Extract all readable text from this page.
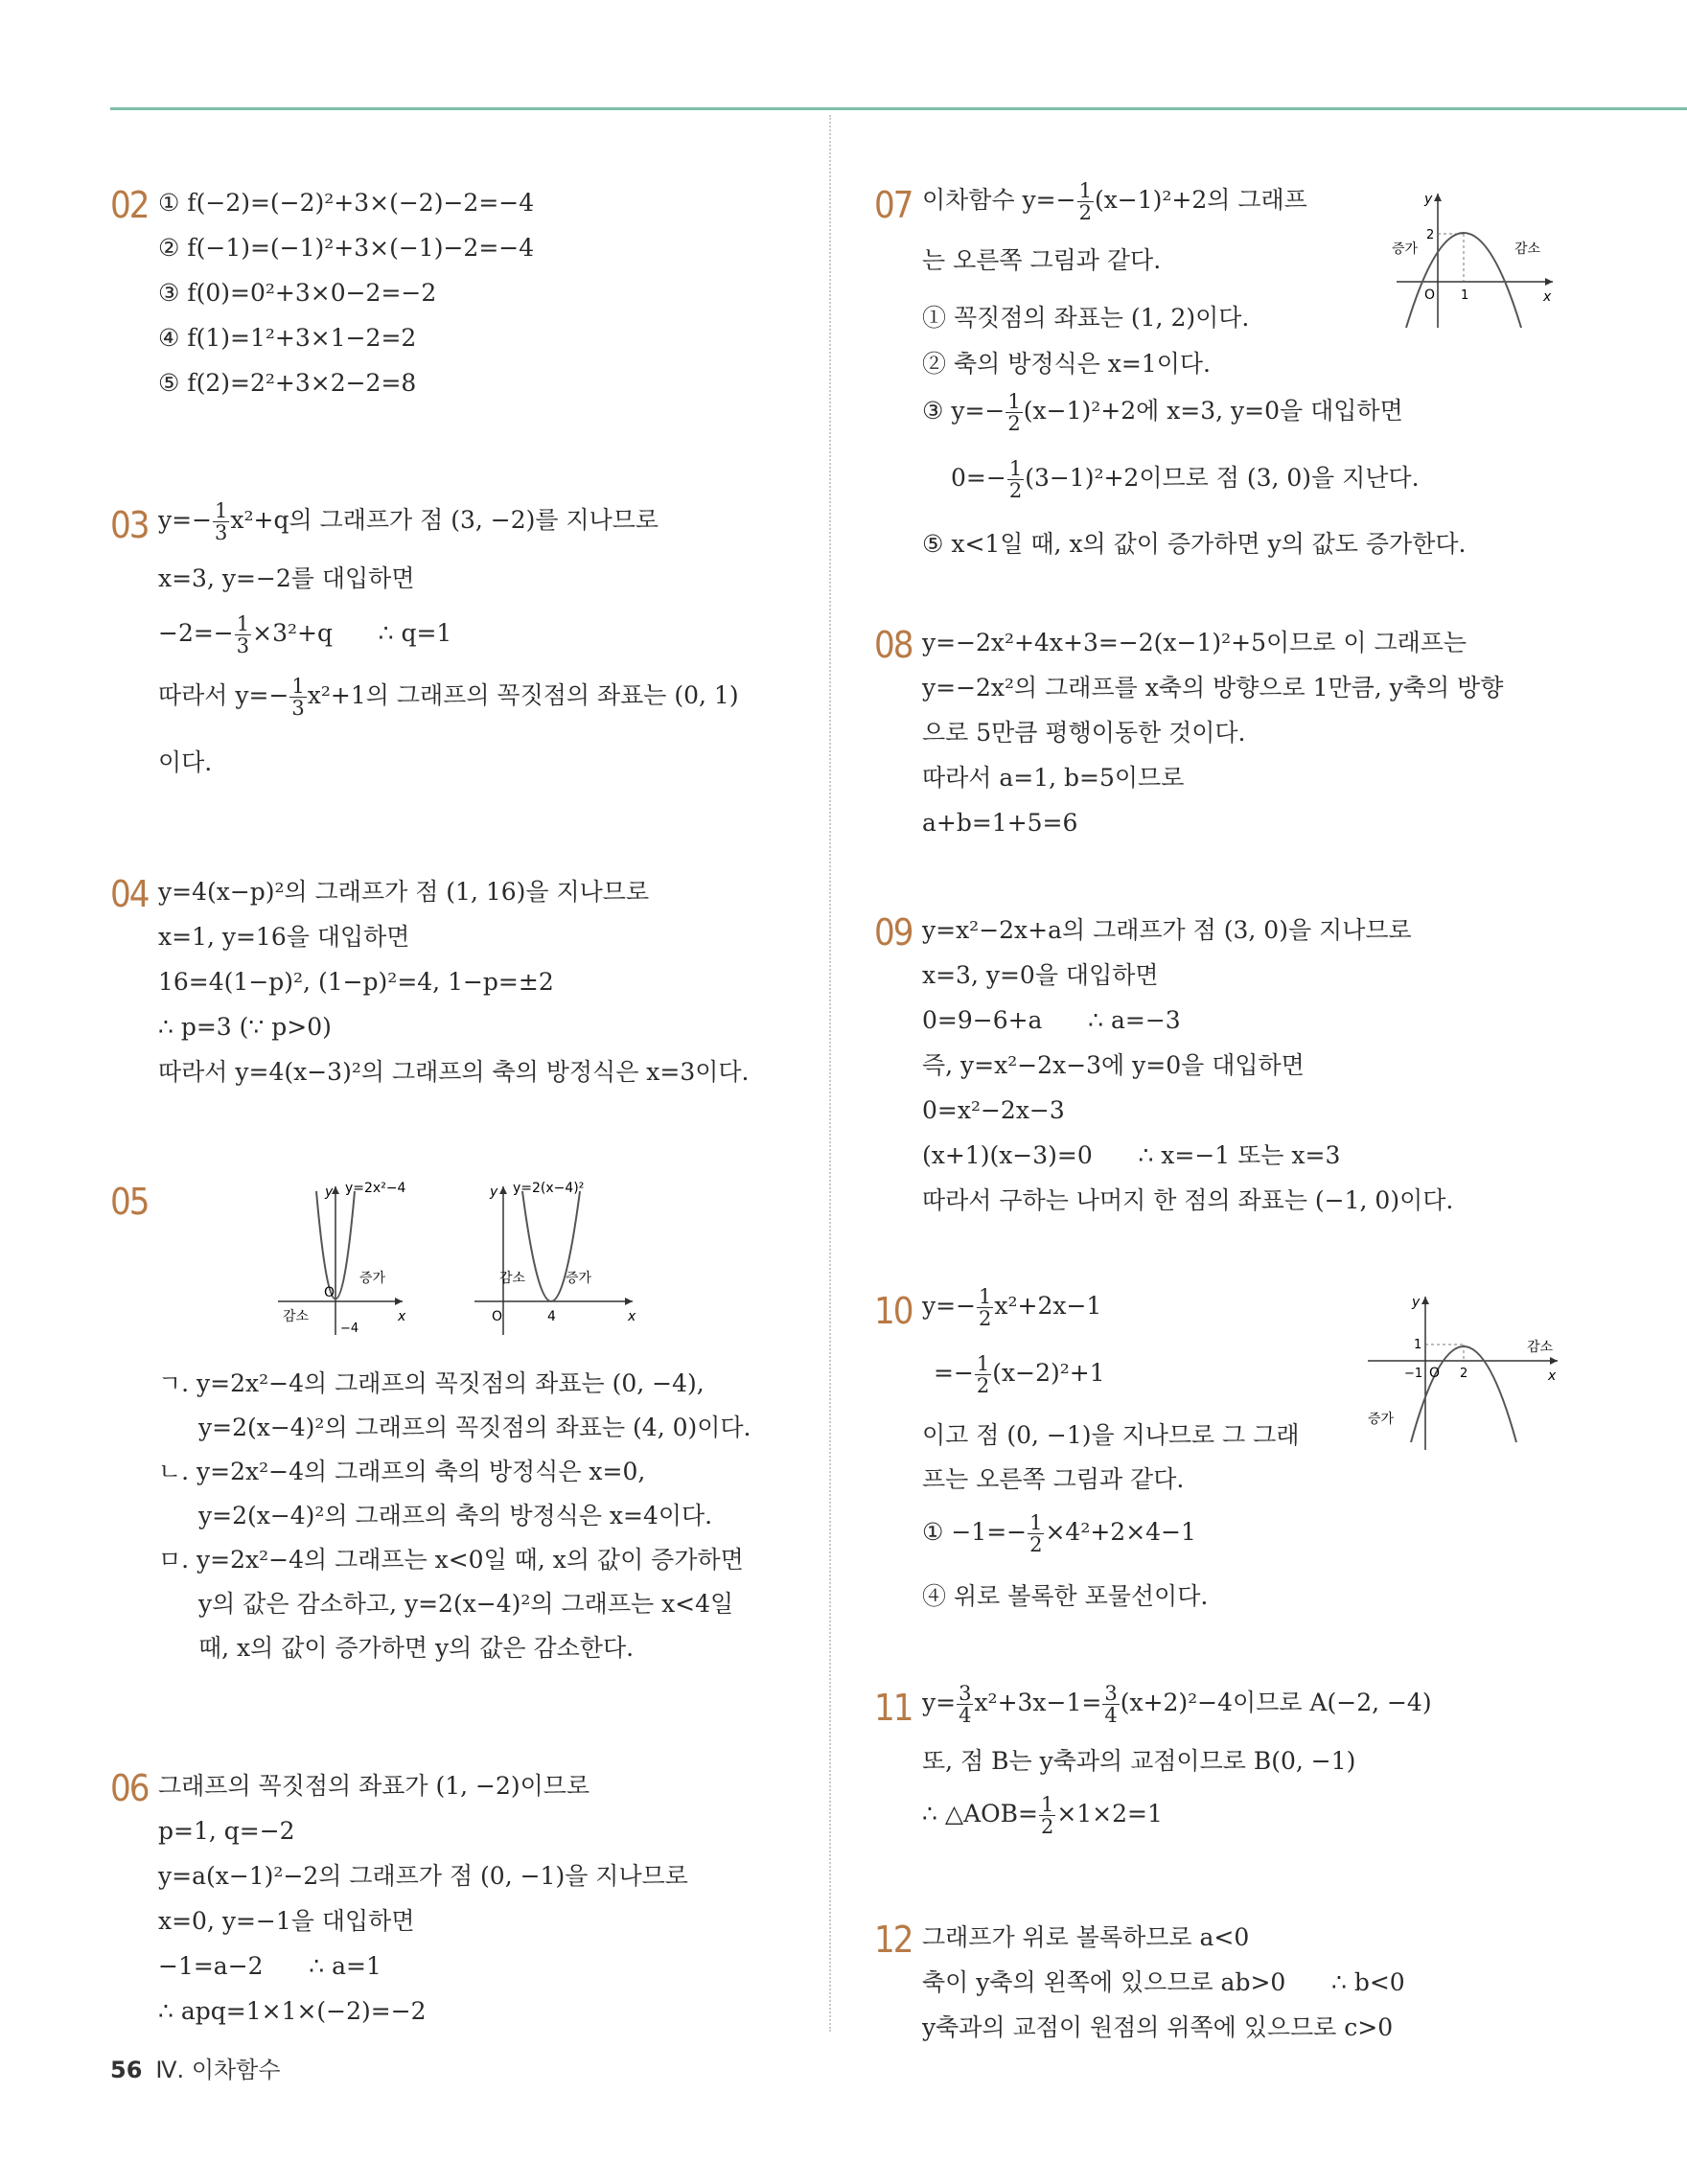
02 ① f(−2)=(−2)²+3×(−2)−2=−4
② f(−1)=(−1)²+3×(−1)−2=−4
③ f(0)=0²+3×0−2=−2
④ f(1)=1²+3×1−2=2
⑤ f(2)=2²+3×2−2=8
03 $y=- \frac{1}{3} x^2+q$의 그래프가 점 (3, −2)를 지나므로
x=3, y=−2를 대입하면
$-2=- \frac{1}{3} \times 3^2+q$      ∴ q=1
따라서 $y=- \frac{1}{3} x^2+1$의 그래프의 꼭짓점의 좌표는 (0, 1)
이다.
04 y=4(x−p)²의 그래프가 점 (1, 16)을 지나므로
x=1, y=16을 대입하면
16=4(1−p)², (1−p)²=4, 1−p=±2
∴ p=3 (∵ p>0)
따라서 y=4(x−3)²의 그래프의 축의 방정식은 x=3이다.
05	y y=2x²−4
x
O
−4
증가
감소
y y=2(x−4)²
x
O	4
증가
감소
ㄱ. y=2x²−4의 그래프의 꼭짓점의 좌표는 (0, −4),
y=2(x−4)²의 그래프의 꼭짓점의 좌표는 (4, 0)이다.
ㄴ. y=2x²−4의 그래프의 축의 방정식은 x=0,
y=2(x−4)²의 그래프의 축의 방정식은 x=4이다.
ㅁ. y=2x²−4의 그래프는 x<0일 때, x의 값이 증가하면
y의 값은 감소하고, y=2(x−4)²의 그래프는 x<4일
때, x의 값이 증가하면 y의 값은 감소한다.
06 그래프의 꼭짓점의 좌표가 (1, −2)이므로
p=1, q=−2
y=a(x−1)²−2의 그래프가 점 (0, −1)을 지나므로
x=0, y=−1을 대입하면
−1=a−2      ∴ a=1
∴ apq=1×1×(−2)=−2
07 이차함수 $y=- \frac{1}{2} (x-1)^2+2$의 그래프
는 오른쪽 그림과 같다.
① 꼭짓점의 좌표는 (1, 2)이다.
② 축의 방정식은 x=1이다.
③ $y=- \frac{1}{2} (x-1)^2+2$에 x=3, y=0을 대입하면
$0=- \frac{1}{2} (3-1)^2+2$이므로 점 (3, 0)을 지난다.
⑤ x<1일 때, x의 값이 증가하면 y의 값도 증가한다.
y
x
2
O 1
증가	감소
08 y=−2x²+4x+3=−2(x−1)²+5이므로 이 그래프는
y=−2x²의 그래프를 x축의 방향으로 1만큼, y축의 방향
으로 5만큼 평행이동한 것이다.
따라서 a=1, b=5이므로
a+b=1+5=6
09 y=x²−2x+a의 그래프가 점 (3, 0)을 지나므로
x=3, y=0을 대입하면
0=9−6+a      ∴ a=−3
즉, y=x²−2x−3에 y=0을 대입하면
0=x²−2x−3
(x+1)(x−3)=0      ∴ x=−1 또는 x=3
따라서 구하는 나머지 한 점의 좌표는 (−1, 0)이다.
10 $y=- \frac{1}{2} x^2+2x-1$
=− $\frac{1}{2} (x-2)^2+1$
이고 점 (0, −1)을 지나므로 그 그래
프는 오른쪽 그림과 같다.
① $-1=- \frac{1}{2} \times 4^2+2\times 4-1$
④ 위로 볼록한 포물선이다.
y
x
1
O 2
−1
증가
감소
11 $y= \frac{3}{4} x^2+3x-1= \frac{3}{4} (x+2)^2-4$이므로 A(−2, −4)
또, 점 B는 y축과의 교점이므로 B(0, −1)
∴ △AOB= $\frac{1}{2} \times 1\times 2=1$
12 그래프가 위로 볼록하므로 a<0
축이 y축의 왼쪽에 있으므로 ab>0      ∴ b<0
y축과의 교점이 원점의 위쪽에 있으므로 c>0
56 Ⅳ. 이차함수
